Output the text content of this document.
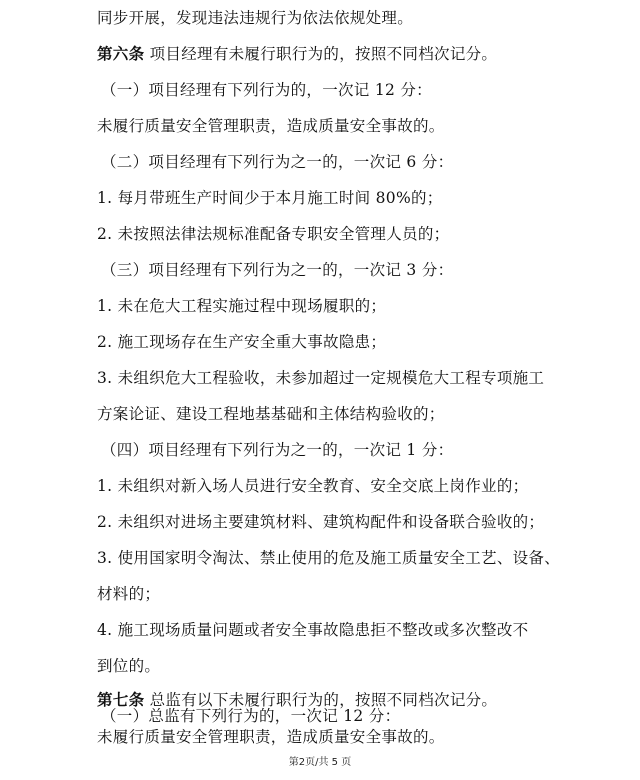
同步开展，发现违法违规行为依法依规处理。
第六条 项目经理有未履行职行为的，按照不同档次记分。
（一）项目经理有下列行为的，一次记 12 分：
未履行质量安全管理职责，造成质量安全事故的。
（二）项目经理有下列行为之一的，一次记 6 分：
1. 每月带班生产时间少于本月施工时间 80%的；
2. 未按照法律法规标准配备专职安全管理人员的；
（三）项目经理有下列行为之一的，一次记 3 分：
1. 未在危大工程实施过程中现场履职的；
2. 施工现场存在生产安全重大事故隐患；
3. 未组织危大工程验收，未参加超过一定规模危大工程专项施工
方案论证、建设工程地基基础和主体结构验收的；
（四）项目经理有下列行为之一的，一次记 1 分：
1. 未组织对新入场人员进行安全教育、安全交底上岗作业的；
2. 未组织对进场主要建筑材料、建筑构配件和设备联合验收的；
3. 使用国家明令淘汰、禁止使用的危及施工质量安全工艺、设备、
材料的；
4. 施工现场质量问题或者安全事故隐患拒不整改或多次整改不
到位的。
第七条 总监有以下未履行职行为的，按照不同档次记分。
（一）总监有下列行为的，一次记 12 分：
未履行质量安全管理职责，造成质量安全事故的。
第2页/共 5 页
